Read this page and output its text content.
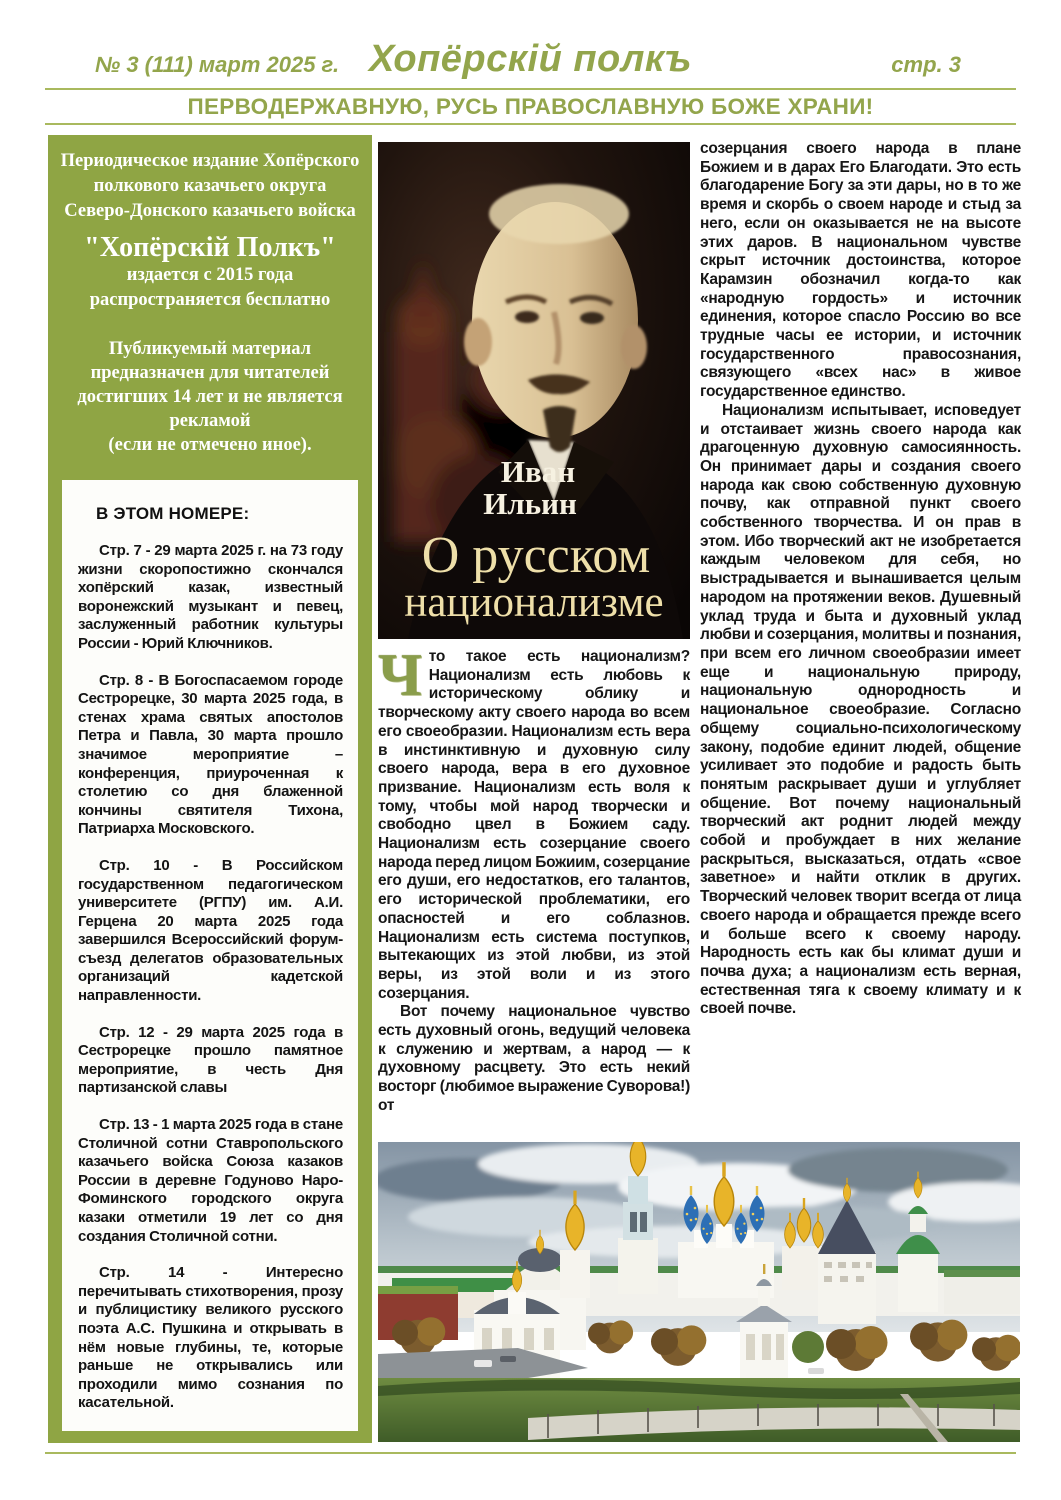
№ 3 (111) март 2025 г. Хопёрскій полкъ	стр. 3
ПЕРВОДЕРЖАВНУЮ, РУСЬ ПРАВОСЛАВНУЮ БОЖЕ ХРАНИ!
Периодическое издание Хопёрского полкового казачьего округа Северо-Донского казачьего войска
"Хопёрскій Полкъ"
издается с 2015 года
распространяется бесплатно
Публикуемый материал предназначен для читателей достигших 14 лет и не является рекламой
(если не отмечено иное).
В ЭТОМ НОМЕРЕ:

Стр. 7 - 29 марта 2025 г. на 73 году жизни скоропостижно скончался хопёрский казак, известный воронежский музыкант и певец, заслуженный работник культуры России - Юрий Ключников.

Стр. 8 - В Богоспасаемом городе Сестрорецке, 30 марта 2025 года, в стенах храма святых апостолов Петра и Павла, 30 марта прошло значимое мероприятие – конференция, приуроченная к столетию со дня блаженной кончины святителя Тихона, Патриарха Московского.

Стр. 10 - В Российском государственном педагогическом университете (РГПУ) им. А.И. Герцена 20 марта 2025 года завершился Всероссийский форум-съезд делегатов образовательных организаций кадетской направленности.

Стр. 12 - 29 марта 2025 года в Сестрорецке прошло памятное мероприятие, в честь Дня партизанской славы

Стр. 13 - 1 марта 2025 года в стане Столичной сотни Ставропольского казачьего войска Союза казаков России в деревне Годуново Наро-Фоминского городского округа казаки отметили 19 лет со дня создания Столичной сотни.

Стр. 14 - Интересно перечитывать стихотворения, прозу и публицистику великого русского поэта А.С. Пушкина и открывать в нём новые глубины, те, которые раньше не открывались или проходили мимо сознания по касательной.

Иван
Ильин
О русском
национализме

Что такое есть национализм? Национализм есть любовь к историческому облику и творческому акту своего народа во всем его своеобразии. Национализм есть вера в инстинктивную и духовную силу своего народа, вера в его духовное призвание. Национализм есть воля к тому, чтобы мой народ творчески и свободно цвел в Божием саду. Национализм есть созерцание своего народа перед лицом Божиим, созерцание его души, его недостатков, его талантов, его исторической проблематики, его опасностей и его соблазнов. Национализм есть система поступков, вытекающих из этой любви, из этой веры, из этой воли и из этого созерцания.

Вот почему национальное чувство есть духовный огонь, ведущий человека к служению и жертвам, а народ — к духовному расцвету. Это есть некий восторг (любимое выражение Суворова!) от

созерцания своего народа в плане Божием и в дарах Его Благодати. Это есть благодарение Богу за эти дары, но в то же время и скорбь о своем народе и стыд за него, если он оказывается не на высоте этих даров. В национальном чувстве скрыт источник достоинства, которое Карамзин обозначил когда-то как «народную гордость» и источник единения, которое спасло Россию во все трудные часы ее истории, и источник государственного правосознания, связующего «всех нас» в живое государственное единство.

Национализм испытывает, исповедует и отстаивает жизнь своего народа как драгоценную духовную самосиянность. Он принимает дары и создания своего народа как свою собственную духовную почву, как отправной пункт своего собственного творчества. И он прав в этом. Ибо творческий акт не изобретается каждым человеком для себя, но выстрадывается и вынашивается целым народом на протяжении веков. Душевный уклад труда и быта и духовный уклад любви и созерцания, молитвы и познания, при всем его личном своеобразии имеет еще и национальную природу, национальную однородность и национальное своеобразие. Согласно общему социально-психологическому закону, подобие единит людей, общение усиливает это подобие и радость быть понятым раскрывает души и углубляет общение. Вот почему национальный творческий акт роднит людей между собой и пробуждает в них желание раскрыться, высказаться, отдать «свое заветное» и найти отклик в других. Творческий человек творит всегда от лица своего народа и обращается прежде всего и больше всего к своему народу. Народность есть как бы климат души и почва духа; а национализм есть верная, естественная тяга к своему климату и к своей почве.
